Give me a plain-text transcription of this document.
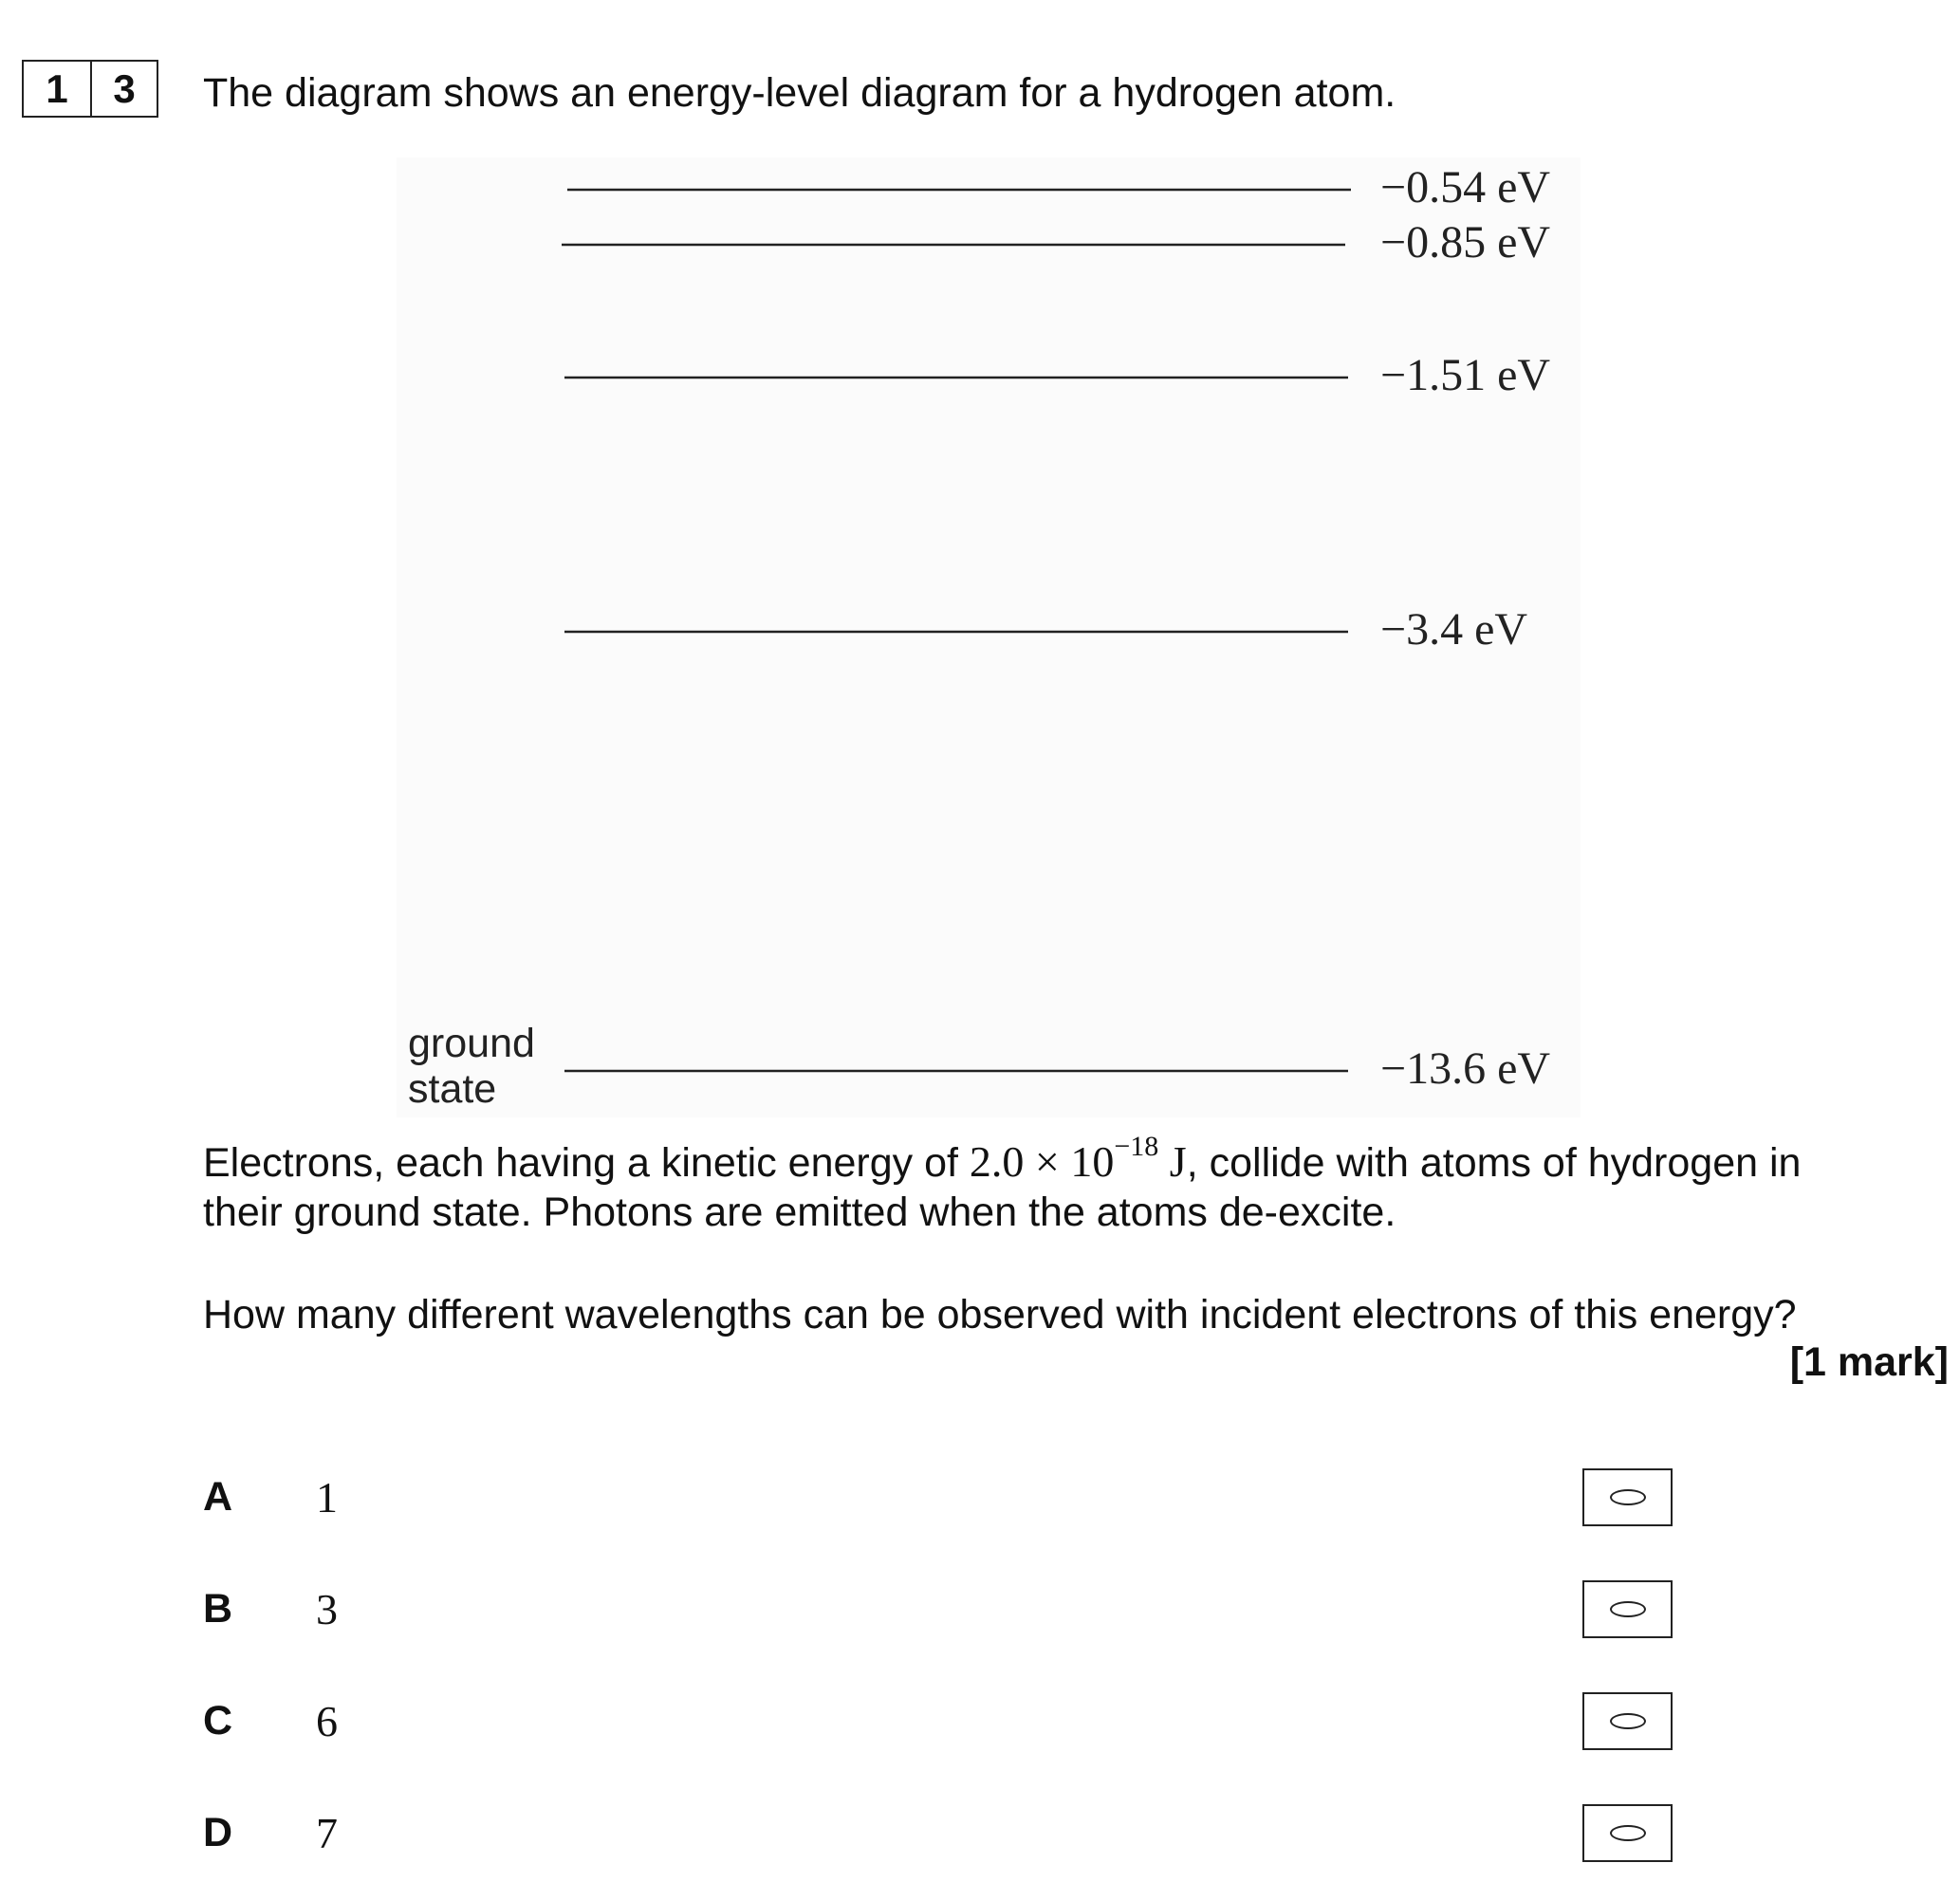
1	3	The diagram shows an energy-level diagram for a hydrogen atom.
−0.54 eV
−0.85 eV
−1.51 eV
−3.4 eV
−13.6 eV
ground
state
Electrons, each having a kinetic energy of $2.0 \times 10^{-18}$ J, collide with atoms of hydrogen in
their ground state. Photons are emitted when the atoms de-excite.
How many different wavelengths can be observed with incident electrons of this energy?
[1 mark]
A 1
B 3
C 6
D 7
